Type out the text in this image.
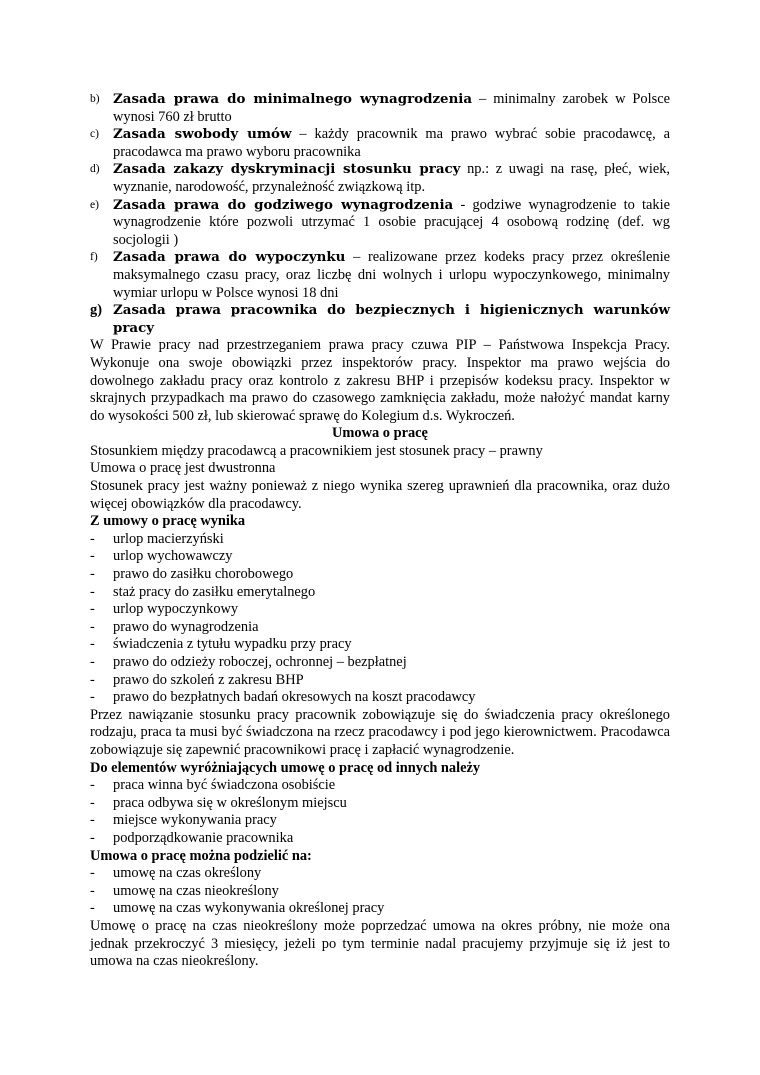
b) Zasada prawa do minimalnego wynagrodzenia – minimalny zarobek w Polsce wynosi 760 zł brutto
c) Zasada swobody umów – każdy pracownik ma prawo wybrać sobie pracodawcę, a pracodawca ma prawo wyboru pracownika
d) Zasada zakazy dyskryminacji stosunku pracy np.: z uwagi na rasę, płeć, wiek, wyznanie, narodowość, przynależność związkową itp.
e) Zasada prawa do godziwego wynagrodzenia - godziwe wynagrodzenie to takie wynagrodzenie które pozwoli utrzymać 1 osobie pracującej 4 osobową rodzinę (def. wg socjologii )
f) Zasada prawa do wypoczynku – realizowane przez kodeks pracy przez określenie maksymalnego czasu pracy, oraz liczbę dni wolnych i urlopu wypoczynkowego, minimalny wymiar urlopu w Polsce wynosi 18 dni
g) Zasada prawa pracownika do bezpiecznych i higienicznych warunków pracy
W Prawie pracy nad przestrzeganiem prawa pracy czuwa PIP – Państwowa Inspekcja Pracy. Wykonuje ona swoje obowiązki przez inspektorów pracy. Inspektor ma prawo wejścia do dowolnego zakładu pracy oraz kontrolo z zakresu BHP i przepisów kodeksu pracy. Inspektor w skrajnych przypadkach ma prawo do czasowego zamknięcia zakładu, może nałożyć mandat karny do wysokości 500 zł, lub skierować sprawę do Kolegium d.s. Wykroczeń.
Umowa o pracę
Stosunkiem między pracodawcą a pracownikiem jest stosunek pracy – prawny
Umowa o pracę jest dwustronna
Stosunek pracy jest ważny ponieważ z niego wynika szereg uprawnień dla pracownika, oraz dużo więcej obowiązków dla pracodawcy.
Z umowy o pracę wynika
- urlop macierzyński
- urlop wychowawczy
- prawo do zasiłku chorobowego
- staż pracy do zasiłku emerytalnego
- urlop wypoczynkowy
- prawo do wynagrodzenia
- świadczenia z tytułu wypadku przy pracy
- prawo do odzieży roboczej, ochronnej – bezpłatnej
- prawo do szkoleń z zakresu BHP
- prawo do bezpłatnych badań okresowych na koszt pracodawcy
Przez nawiązanie stosunku pracy pracownik zobowiązuje się do świadczenia pracy określonego rodzaju, praca ta musi być świadczona na rzecz pracodawcy i pod jego kierownictwem. Pracodawca zobowiązuje się zapewnić pracownikowi pracę i zapłacić wynagrodzenie.
Do elementów wyróżniających umowę o pracę od innych należy
- praca winna być świadczona osobiście
- praca odbywa się w określonym miejscu
- miejsce wykonywania pracy
- podporządkowanie pracownika
Umowa o pracę można podzielić na:
- umowę na czas określony
- umowę na czas nieokreślony
- umowę na czas wykonywania określonej pracy
Umowę o pracę na czas nieokreślony może poprzedzać umowa na okres próbny, nie może ona jednak przekroczyć 3 miesięcy, jeżeli po tym terminie nadal pracujemy przyjmuje się iż jest to umowa na czas nieokreślony.
